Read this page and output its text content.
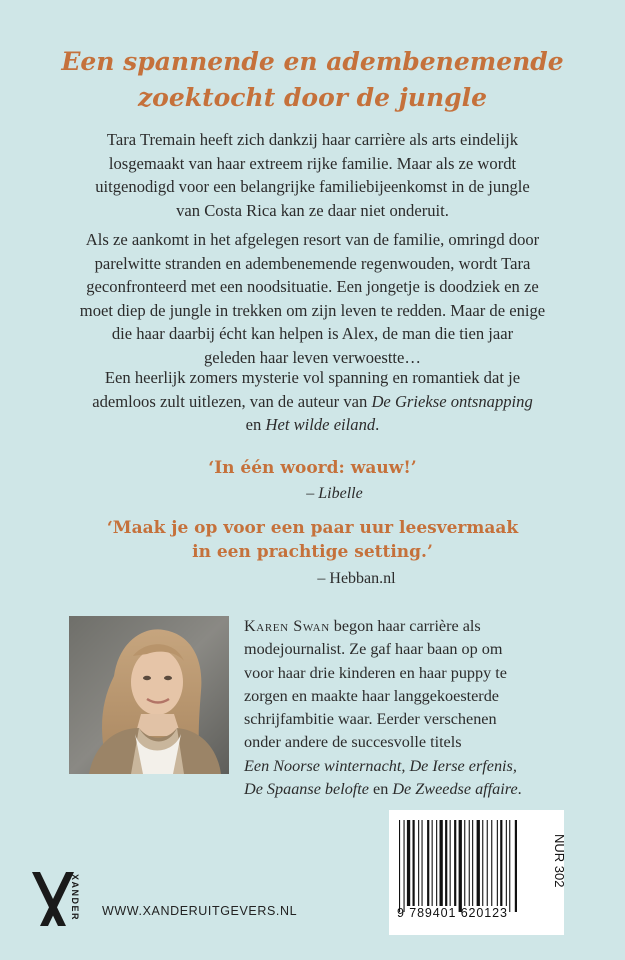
Een spannende en adembenemende
zoektocht door de jungle
Tara Tremain heeft zich dankzij haar carrière als arts eindelijk
losgemaakt van haar extreem rijke familie. Maar als ze wordt
uitgenodigd voor een belangrijke familiebijeenkomst in de jungle
van Costa Rica kan ze daar niet onderuit.
Als ze aankomt in het afgelegen resort van de familie, omringd door
parelwitte stranden en adembenemende regenwouden, wordt Tara
geconfronteerd met een noodsituatie. Een jongetje is doodziek en ze
moet diep de jungle in trekken om zijn leven te redden. Maar de enige
die haar daarbij écht kan helpen is Alex, de man die tien jaar
geleden haar leven verwoestte…
Een heerlijk zomers mysterie vol spanning en romantiek dat je
ademloos zult uitlezen, van de auteur van De Griekse ontsnapping
en Het wilde eiland.
‘In één woord: wauw!’
– Libelle
‘Maak je op voor een paar uur leesvermaak
in een prachtige setting.’
– Hebban.nl
Karen Swan begon haar carrière als
modejournalist. Ze gaf haar baan op om
voor haar drie kinderen en haar puppy te
zorgen en maakte haar langgekoesterde
schrijfambitie waar. Eerder verschenen
onder andere de succesvolle titels
Een Noorse winternacht, De Ierse erfenis,
De Spaanse belofte en De Zweedse affaire.
NUR 302
9 789401 620123
XANDER WWW.XANDERUITGEVERS.NL
